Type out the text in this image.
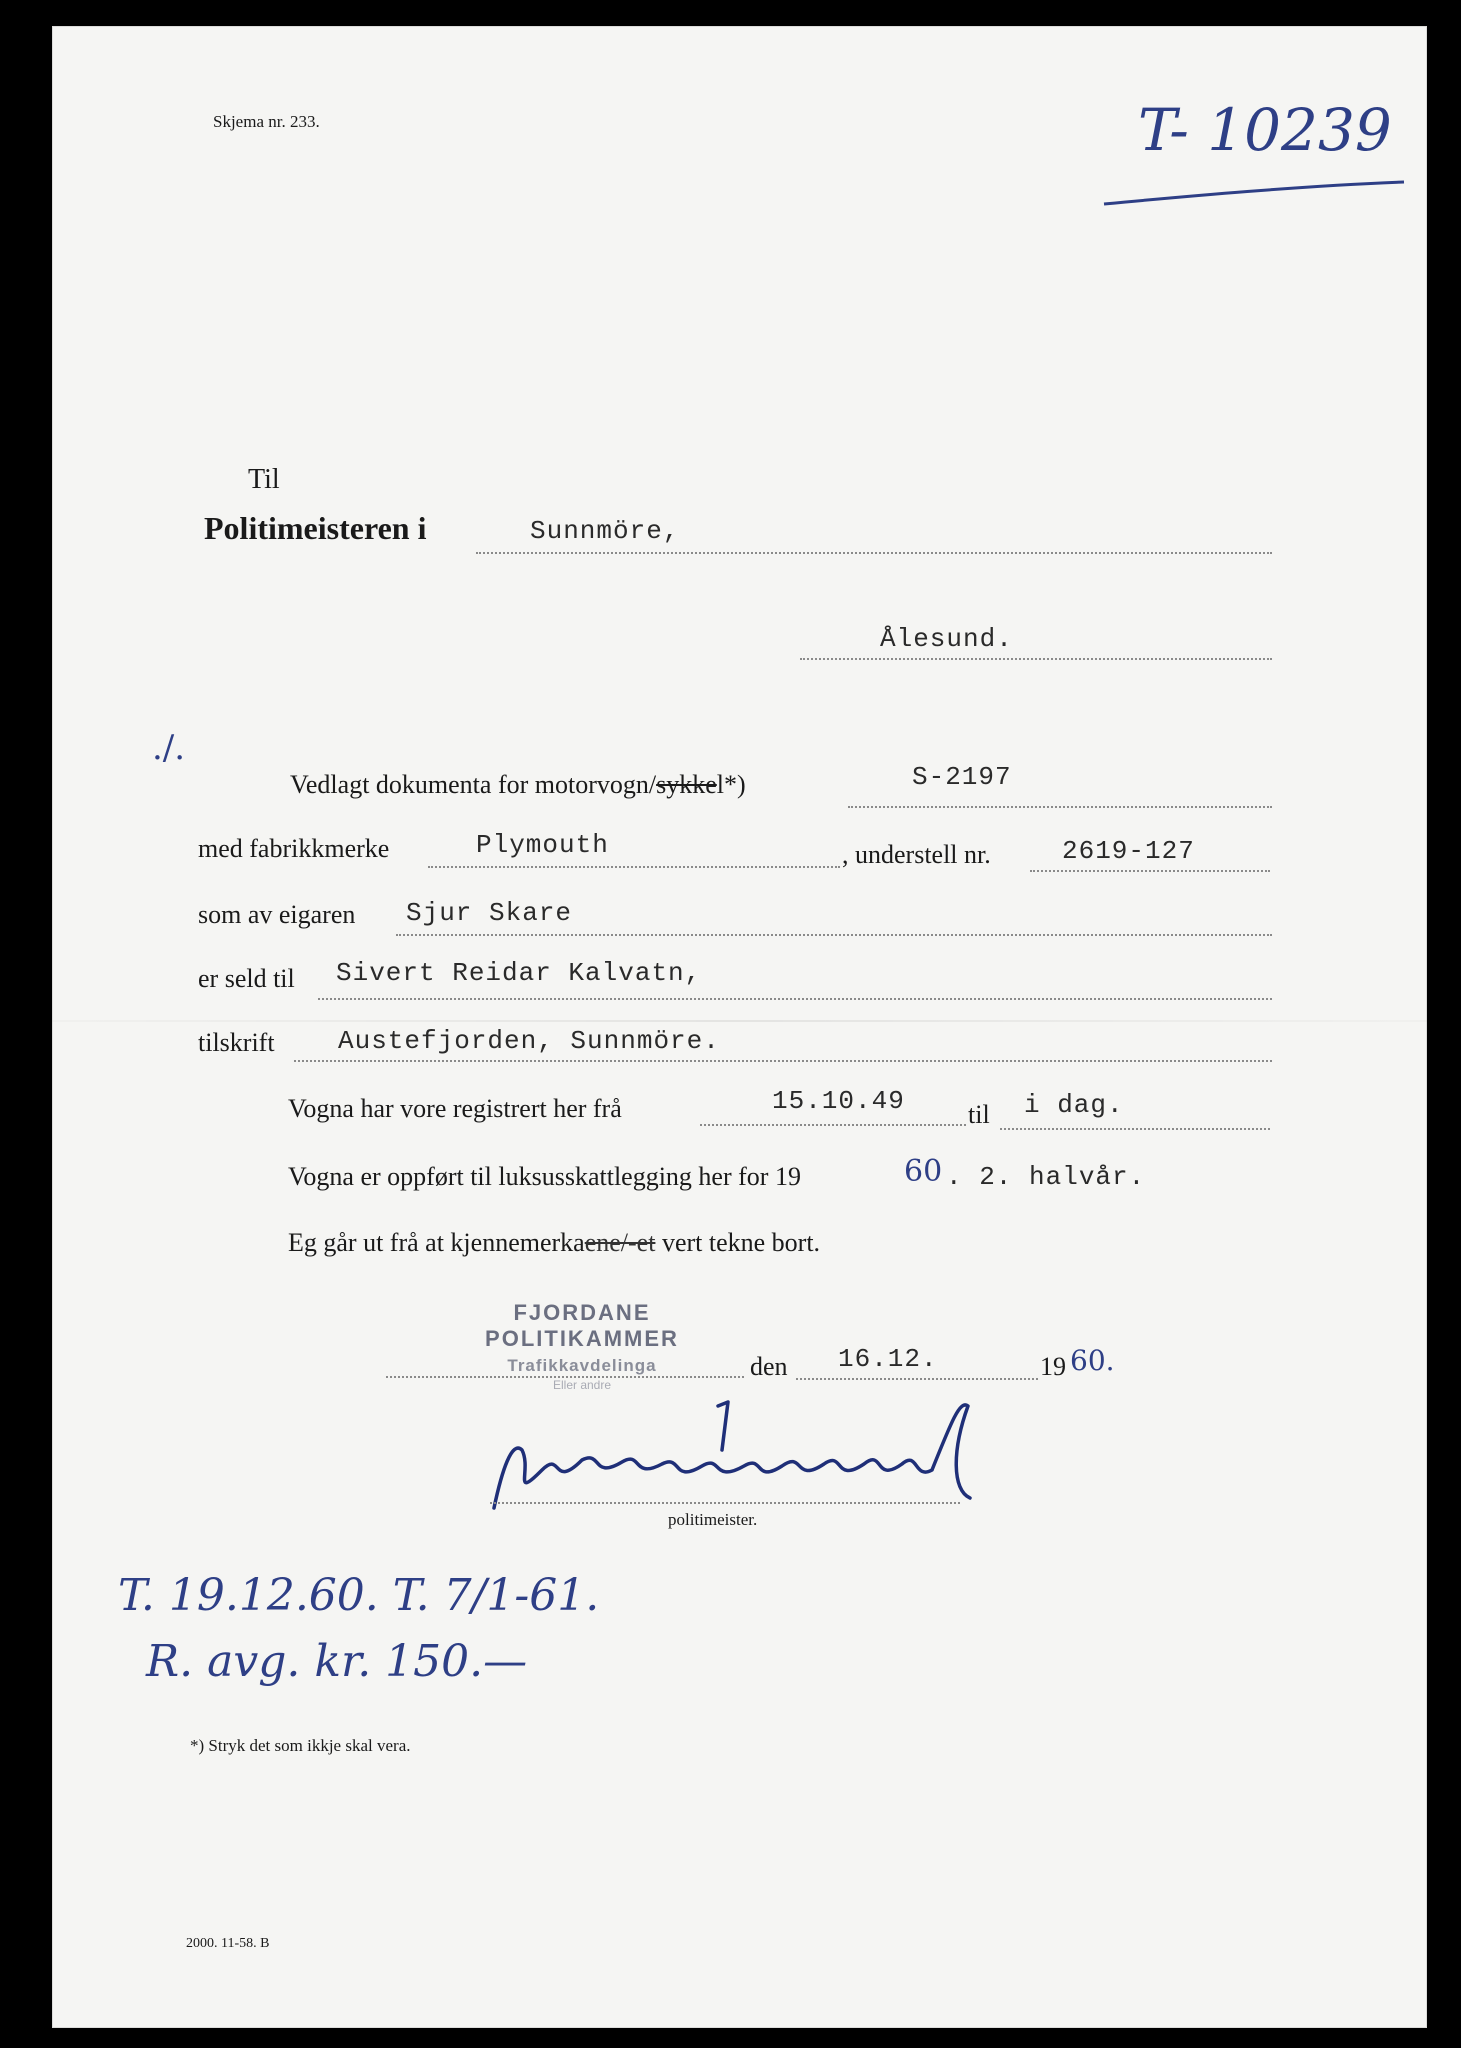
Skjema nr. 233.	T- 10239
Til
Politimeisteren i	Sunnmöre,
Ålesund.
./.
Vedlagt dokumenta for motorvogn/sykkel*)	S-2197
med fabrikkmerke	Plymouth	, understell nr.	2619-127
som av eigaren Sjur Skare
er seld til Sivert Reidar Kalvatn,
tilskrift Austefjorden, Sunnmöre.
Vogna har vore registrert her frå	15.10.49 til i dag.
Vogna er oppført til luksusskattlegging her for 19	60 . 2. halvår.
Eg går ut frå at kjennemerkaene/-et vert tekne bort.
FJORDANE POLITIKAMMER
Trafikkavdelinga
Eller andre
den 16.12.	19 60.
politimeister.
T. 19.12.60. T. 7/1-61.
R. avg. kr. 150.—
*) Stryk det som ikkje skal vera.
2000. 11-58. B
